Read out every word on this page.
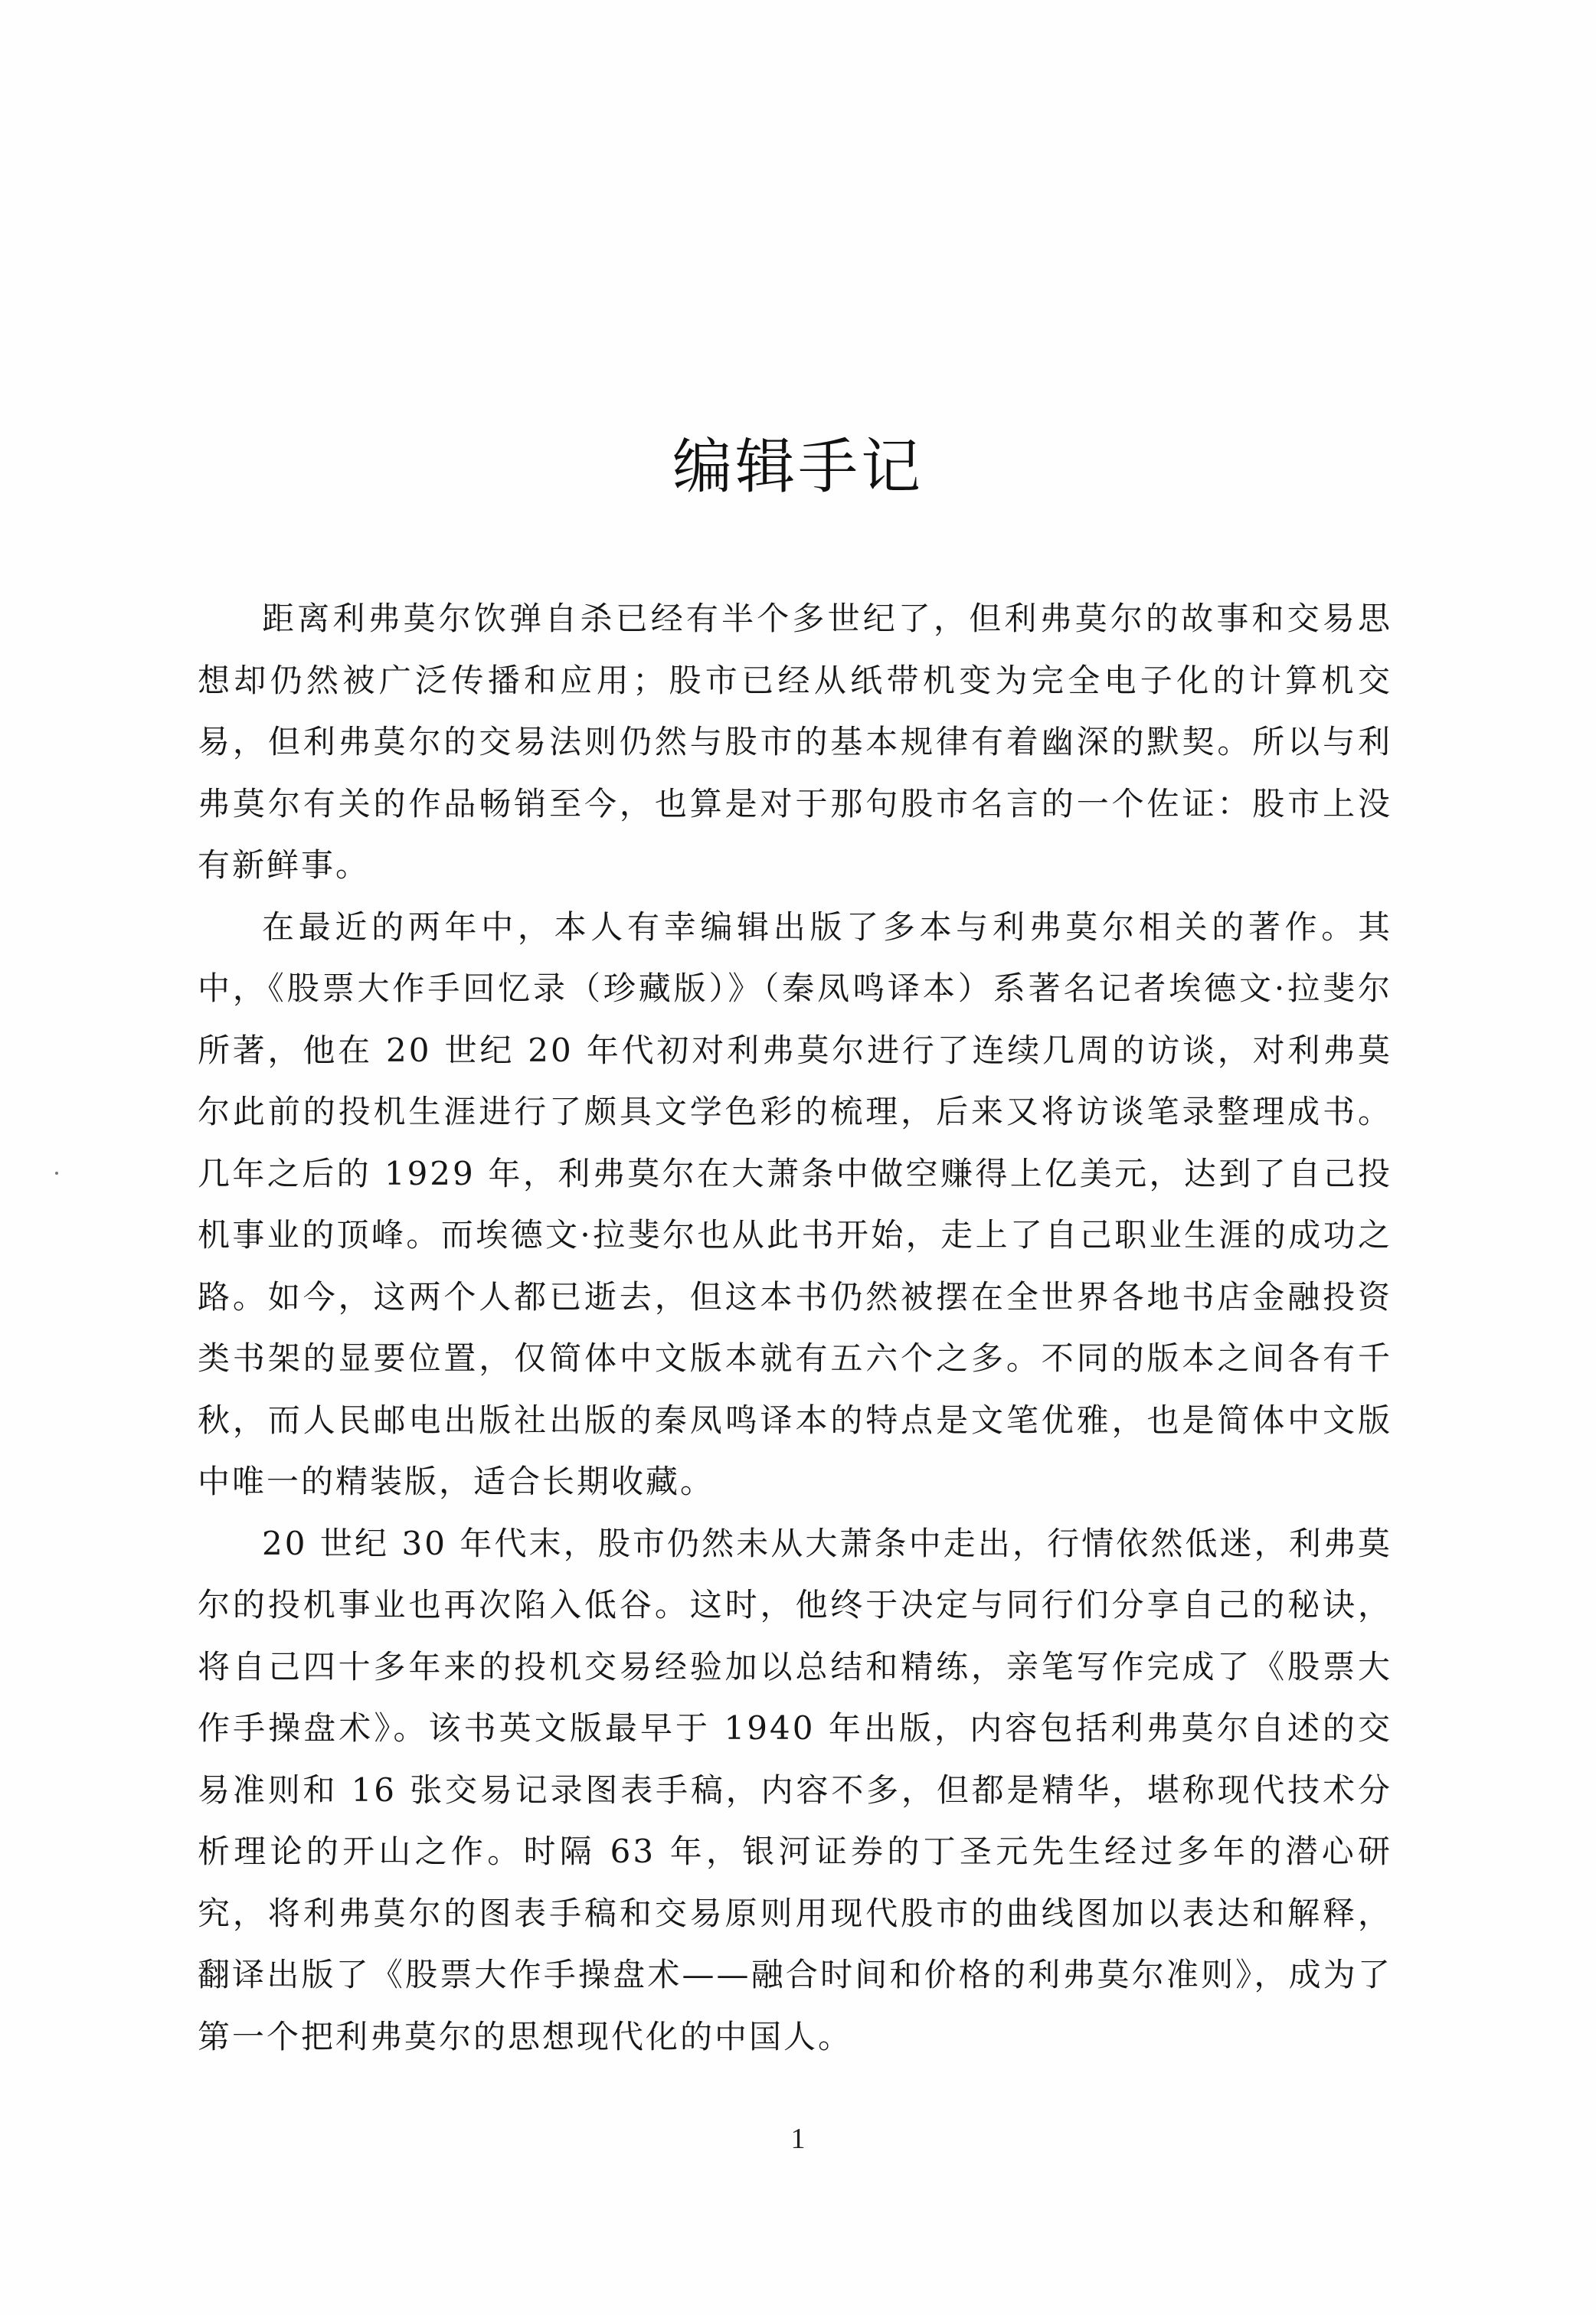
编辑手记

距离利弗莫尔饮弹自杀已经有半个多世纪了，但利弗莫尔的故事和交易思想却仍然被广泛传播和应用；股市已经从纸带机变为完全电子化的计算机交易，但利弗莫尔的交易法则仍然与股市的基本规律有着幽深的默契。所以与利弗莫尔有关的作品畅销至今，也算是对于那句股市名言的一个佐证：股市上没有新鲜事。

在最近的两年中，本人有幸编辑出版了多本与利弗莫尔相关的著作。其中，《股票大作手回忆录（珍藏版）》（秦凤鸣译本）系著名记者埃德文·拉斐尔所著，他在 20 世纪 20 年代初对利弗莫尔进行了连续几周的访谈，对利弗莫尔此前的投机生涯进行了颇具文学色彩的梳理，后来又将访谈笔录整理成书。几年之后的 1929 年，利弗莫尔在大萧条中做空赚得上亿美元，达到了自己投机事业的顶峰。而埃德文·拉斐尔也从此书开始，走上了自己职业生涯的成功之路。如今，这两个人都已逝去，但这本书仍然被摆在全世界各地书店金融投资类书架的显要位置，仅简体中文版本就有五六个之多。不同的版本之间各有千秋，而人民邮电出版社出版的秦凤鸣译本的特点是文笔优雅，也是简体中文版中唯一的精装版，适合长期收藏。

20 世纪 30 年代末，股市仍然未从大萧条中走出，行情依然低迷，利弗莫尔的投机事业也再次陷入低谷。这时，他终于决定与同行们分享自己的秘诀，将自己四十多年来的投机交易经验加以总结和精练，亲笔写作完成了《股票大作手操盘术》。该书英文版最早于 1940 年出版，内容包括利弗莫尔自述的交易准则和 16 张交易记录图表手稿，内容不多，但都是精华，堪称现代技术分析理论的开山之作。时隔 63 年，银河证券的丁圣元先生经过多年的潜心研究，将利弗莫尔的图表手稿和交易原则用现代股市的曲线图加以表达和解释，翻译出版了《股票大作手操盘术——融合时间和价格的利弗莫尔准则》，成为了第一个把利弗莫尔的思想现代化的中国人。

1
